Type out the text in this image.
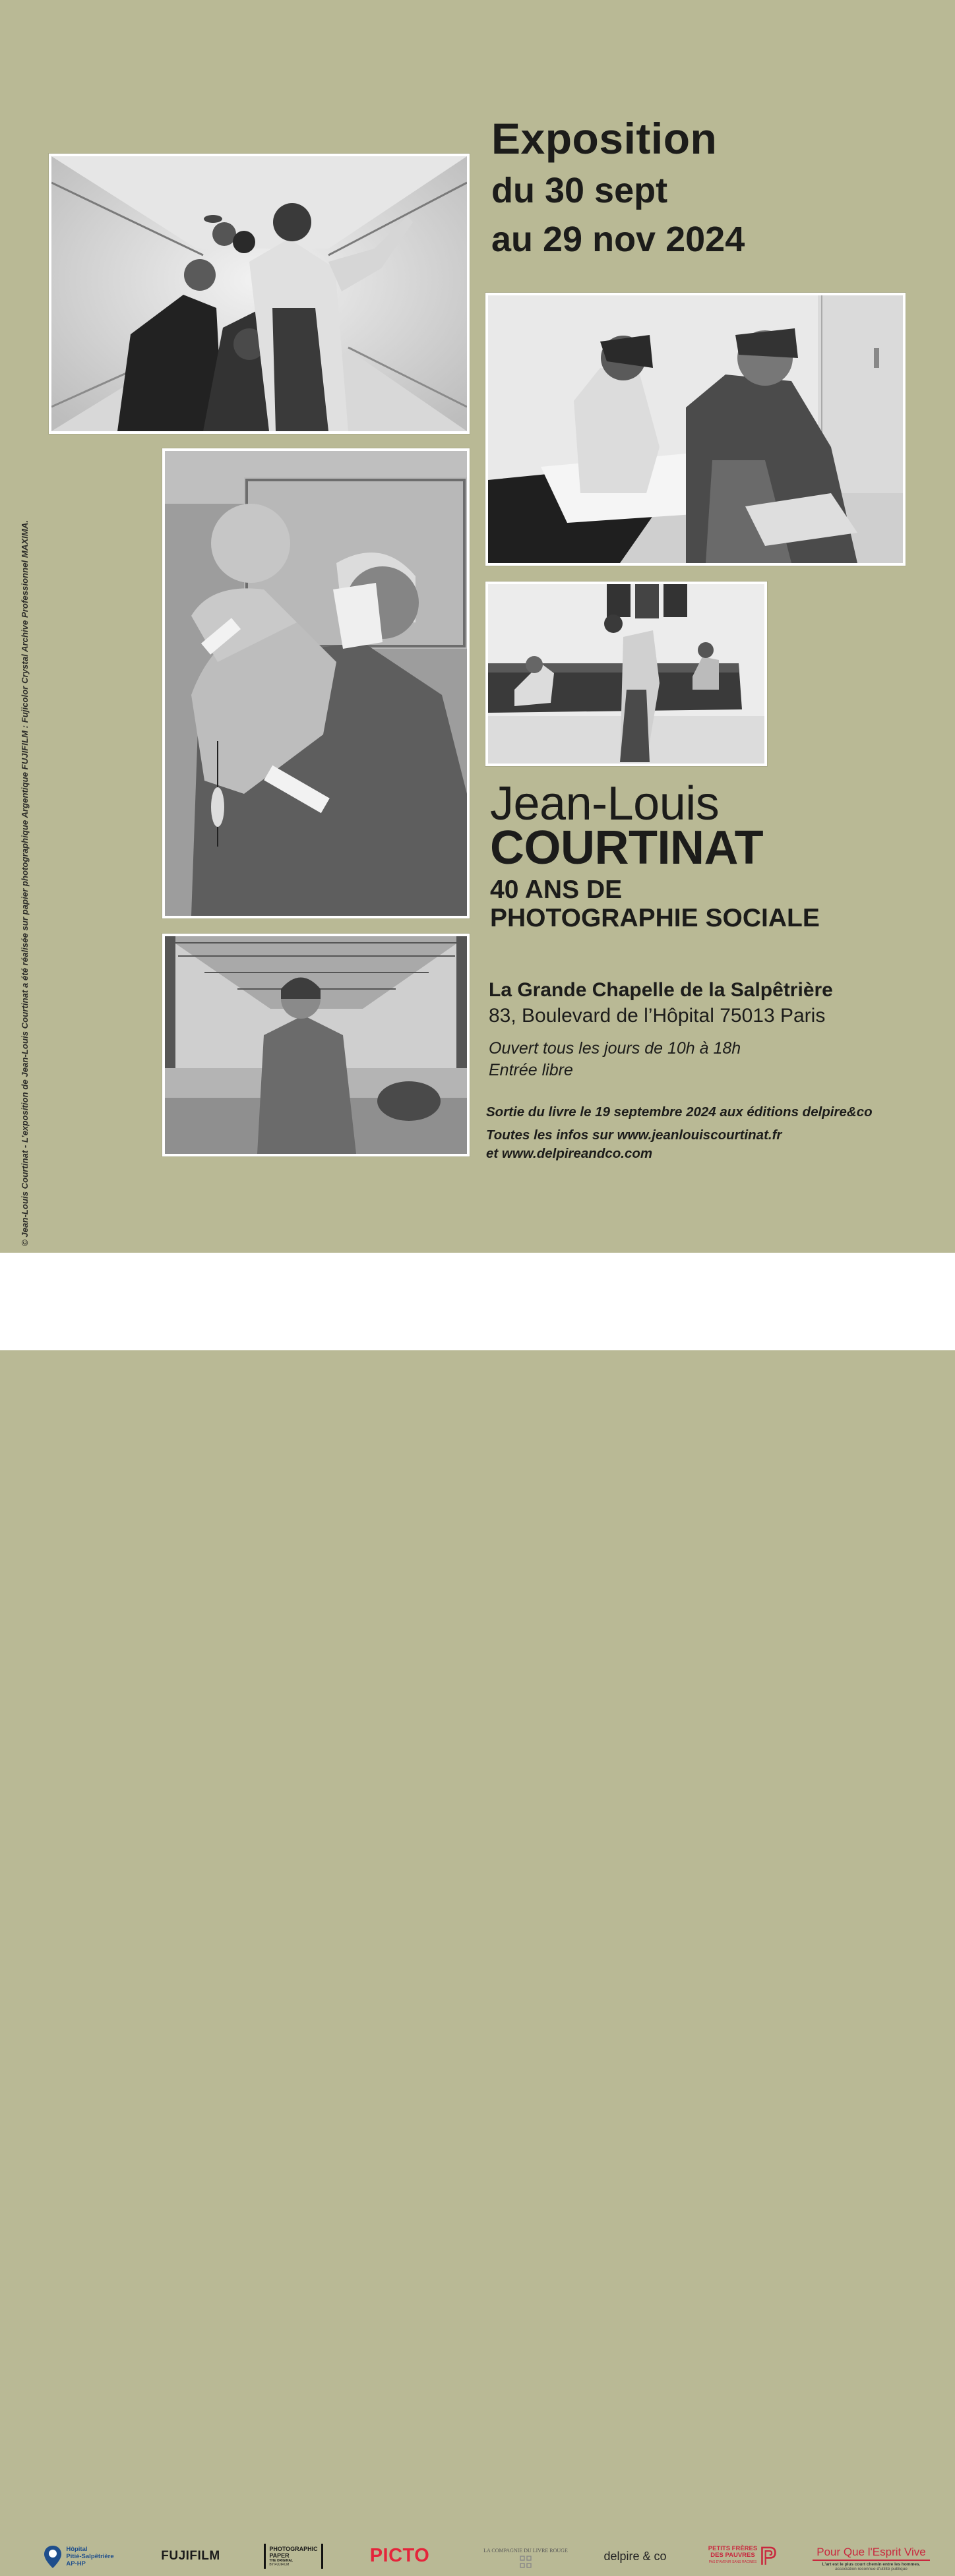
Exposition
du 30 sept
au 29 nov 2024
Jean-Louis
COURTINAT
40 ANS DE
PHOTOGRAPHIE SOCIALE
La Grande Chapelle de la Salpêtrière
83, Boulevard de l’Hôpital 75013 Paris
Ouvert tous les jours de 10h à 18h
Entrée libre
Sortie du livre le 19 septembre 2024 aux éditions delpire&co
Toutes les infos sur www.jeanlouiscourtinat.fr
et www.delpireandco.com
© Jean-Louis Courtinat - L’exposition de Jean-Louis Courtinat a été réalisée sur papier photographique Argentique FUJIFILM : Fujicolor Crystal Archive Professionnel MAXIMA.
Hôpital
Pitié-Salpêtrière
AP-HP
FUJIFILM	PHOTOGRAPHIC
PAPER
THE ORIGINAL
BY FUJIFILM	PICTO	LA COMPAGNIE DU LIVRE ROUGE	delpire & co
PETITS FRÈRES
DES PAUVRES
PAS D'AVENIR SANS RACINES
Pour Que l'Esprit Vive
L'art est le plus court chemin entre les hommes.
association reconnue d'utilité publique
